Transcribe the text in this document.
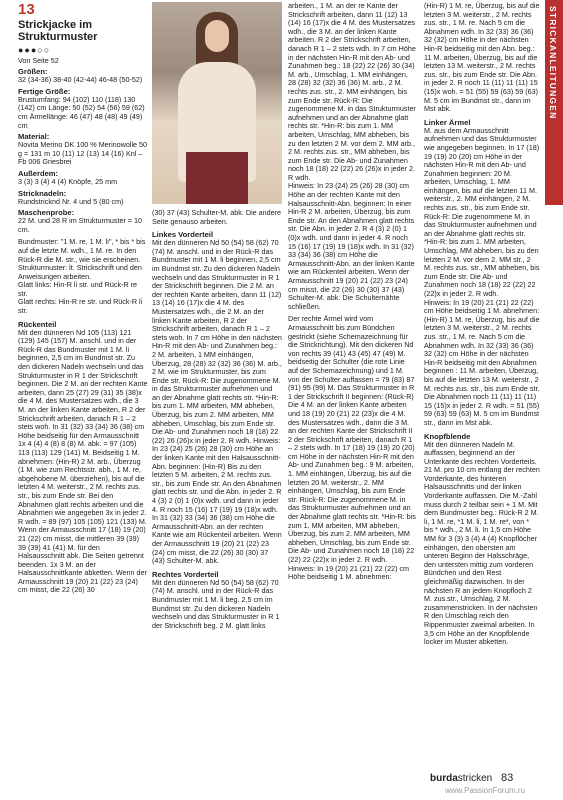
STRICKANLEITUNGEN
13
Strickjacke im Strukturmuster
●●●○○

Von Seite 52

Größen:

32 (34-36) 38-40 (42-44) 46-48 (50-52)

Fertige Größe:

Brustumfang: 94 (102) 110 (118) 130 (142) cm Länge: 50 (52) 54 (56) 59 (62) cm Ärmellänge: 46 (47) 48 (48) 49 (49) cm

Material:

Novita Merino DK 100 % Merinowolle 50 g = 131 m 10 (11) 12 (13) 14 (16) Knl – Fb 006 Griesbrei

Außerdem:

3 (3) 3 (4) 4 (4) Knöpfe, 25 mm

Stricknadeln:

Rundstricknd Nr. 4 und 5 (80 cm)

Maschenprobe:

22 M. und 28 R im Strukturmuster = 10 cm.

Bundmuster: "1 M. re, 1 M. li", * bis * bis auf die letzte M. wdh., 1 M. re. In den Rück-R die M. str., wie sie erscheinen.

Strukturmuster: lt. Strickschrift und den Anweisungen arbeiten.

Glatt links: Hin-R li str. und Rück-R re str.

Glatt rechts: Hin-R re str. und Rück-R li str.

Rückenteil

Mit den dünneren Nd 105 (113) 121 (129) 145 (157) M. anschl. und in der Rück-R das Bundmuster mit 1 M. li beginnen, 2,5 cm im Bundmst str. Zu den dickeren Nadeln wechseln und das Strukturmuster in R 1 der Strickschrift beginnen. Die 2 M. an der rechten Kante arbeiten, dann 25 (27) 29 (31) 35 (38)x die 4 M. des Mustersatzes wdh., die 3 M. an der linken Kante arbeiten, R 2 der Strickschrift arbeiten, danach R 1 – 2 stets woh. In 31 (32) 33 (34) 36 (38) cm Höhe beidseitig für den Armausschnitt 1x 4 (4) 4 (8) 8 (8) M. abk. = 97 (105) 113 (113) 129 (141) M. Beidseitig 1 M. abnehmen: (Hin-R) 2 M. arb., Überzug (1 M. wie zum Rechtsstr. abh., 1 M. re, abgehobene M. überziehen), bis auf die letzten 4 M. weiterstr., 2 M. rechts zus. str., bis zum Ende str. Bei den Abnahmen glatt rechts arbeiten und die Abnahmen wie angegeben 3x in jeder 2. R wdh. = 89 (97) 105 (105) 121 (133) M. Wenn der Armausschnitt 17 (18) 19 (20) 21 (22) cm misst, die mittleren 39 (39) 39 (39) 41 (41) M. für den Halsausschnitt abk. Die Seiten getrennt beenden. 1x 3 M. an der Halsausschnittkante abketten. Wenn der Armausschnitt 19 (20) 21 (22) 23 (24) cm misst, die 22 (26) 30

(30) 37 (43) Schulter-M. abk. Die andere Seite genauso arbeiten.

Linkes Vorderteil

Mit den dünneren Nd 50 (54) 58 (62) 70 (74) M. anschl. und in der Rück-R das Bundmuster mit 1 M. li beginnen, 2,5 cm im Bundmst str. Zu den dickeren Nadeln wechseln und das Strukturmuster in R 1 der Strickschrift beginnen. Die 2 M. an der rechten Kante arbeiten, dann 11 (12) 13 (14) 16 (17)x die 4 M. des Mustersatzes wdh., die 2 M. an der linken Kante arbeiten, R 2 der Strickschrift arbeiten, danach R 1 – 2 stets woh. In 7 cm Höhe in den nächsten Hin-R mit den Ab- und Zunahmen beg.: 2 M. arbeiten, 1 MM einhängen, Überzug, 28 (28) 32 (32) 36 (36) M. arb., 2 M. wie im Strukturmuster, bis zum Ende str. Rück-R: Die zugenommene M. in das Strukturmuster aufnehmen und an der Abnahme glatt rechts str. *Hin-R: bis zum 1. MM arbeiten, MM abheben, Überzug, bis zum 2. MM arbeiten, MM abheben, Umschlag, bis zum Ende str. Die Ab- und Zunahmen noch 18 (18) 22 (22) 26 (26)x in jeder 2. R wdh. Hinweis: In 23 (24) 25 (26) 28 (30) cm Höhe an der linken Kante mit den Halsausschnitt-Abn. beginnen: (Hin-R) Bis zu den letzten 5 M. arbeiten, 2 M. rechts zus. str., bis zum Ende str. An den Abnahmen glatt rechts str. und die Abn. in jeder 2. R 4 (3) 2 (0) 1 (0)x wdh. und dann in jeder 4. R noch 15 (16) 17 (19) 19 (18)x wdh. In 31 (32) 33 (34) 36 (38) cm Höhe die Armausschnitt-Abn. an der rechten Kante wie am Rückenteil arbeiten. Wenn der Armausschnitt 19 (20) 21 (22) 23 (24) cm misst, die 22 (26) 30 (30) 37 (43) Schulter-M. abk.

Rechtes Vorderteil

Mit den dünneren Nd 50 (54) 58 (62) 70 (74) M. anschl. und in der Rück-R das Bundmuster mit 1 M. li beg. 2,5 cm im Bundmst str. Zu den dickeren Nadeln wechseln und das Strukturmuster in R 1 der Strickschrift beg. 2 M. glatt links

arbeiten., 1 M. an der re Kante der Strickschrift arbeiten, dann 11 (12) 13 (14) 16 (17)x die 4 M. des Mustersatzes wdh., die 3 M. an der linken Kante arbeiten. R 2 der Strickschrift arbeiten, danach R 1 – 2 stets wdh. In 7 cm Höhe in der nächsten Hin-R mit den Ab- und Zunahmen beg.: 18 (22) 22 (26) 30 (34) M. arb., Umschlag, 1. MM einhängen, 28 (28) 32 (32) 36 (36) M. arb., 2 M. rechts zus. str., 2. MM einhängen, bis zum Ende str. Rück-R: Die zugenommene M. in das Strukturmuster aufnehmen und an der Abnahme glatt rechts str. *Hin-R: bis zum 1. MM arbeiten, Umschlag, MM abheben, bis zu den letzten 2 M. vor dem 2. MM arb., 2 M. rechts zus. str., MM abheben, bis zum Ende str. Die Ab- und Zunahmen noch 18 (18) 22 (22) 26 (26)x in jeder 2. R wdh.

Hinweis: In 23 (24) 25 (26) 28 (30) cm Höhe an der rechten Kante mit den Halsausschnitt-Abn. beginnen: In einer Hin-R 2 M. arbeiten, Überzug, bis zum Ende str. An den Abnahmen glatt rechts str. Die Abn. in jeder 2. R 4 (3) 2 (0) 1 (0)x wdh. und dann in jeder 4. R noch 15 (16) 17 (19) 19 (18)x wdh. In 31 (32) 33 (34) 36 (38) cm Höhe die Armausschnitt-Abn. an der linken Kante wie am Rückenteil arbeiten. Wenn der Armausschnitt 19 (20) 21 (22) 23 (24) cm misst, die 22 (26) 30 (30) 37 (43) Schulter-M. abk. Die Schulternähte schließen.

Der rechte Ärmel wird vom Armausschnitt bis zum Bündchen gestrickt (siehe Schemazeichnung für die Strickrichtung). Mit den dickeren Nd von rechts 39 (41) 43 (45) 47 (49) M. beidseitig der Schulter (die rote Linie auf der Schemazeichnung) und 1 M. von der Schulter auffassen = 79 (83) 87 (91) 95 (99) M. Das Strukturmuster in R 1 der Strickschrift II beginnen: (Rück-R) Die 4 M. an der linken Kante arbeiten und 18 (19) 20 (21) 22 (23)x die 4 M. des Mustersatzes wdh., dann die 3 M. an der rechten Kante der Strickschrift II 2 der Strickschrift arbeiten, danach R 1 – 2 stets wdh. In 17 (18) 19 (19) 20 (20) cm Höhe in der nächsten Hin-R mit den Ab- und Zunahmen beg.: 9 M. arbeiten, 1. MM einhängen, Überzug, bis auf die letzten 20 M. weiterstr., 2. MM einhängen, Umschlag, bis zum Ende str. Rück-R: Die zugenommene M. in das Strukturmuster aufnehmen und an der Abnahme glatt rechts str. *Hin-R: bis zum 1. MM arbeiten, MM abheben, Überzug, bis zum 2. MM arbeiten, MM abheben, Umschlag, bis zum Ende str. Die Ab- und Zunahmen noch 18 (18) 22 (22) 22 (22)x in jeder 2. R wdh. Hinweis: In 19 (20) 21 (21) 22 (22) cm Höhe beidseitig 1 M. abnehmen:

(Hin-R) 1 M. re, Überzug, bis auf die letzten 3 M. weiterstr., 2 M. rechts zus. str., 1 M. re. Nach 5 cm die Abnahmen wdh. In 32 (33) 36 (36) 32 (32) cm Höhe in der nächsten Hin-R beidseitig mit den Abn. beg.: 11 M. arbeiten, Überzug, bis auf die letzten 13 M. weiterstr., 2 M. rechts zus. str., bis zum Ende str. Die Abn. in jeder 2. R noch 11 (11) 11 (11) 15 (15)x woh. = 51 (55) 59 (63) 59 (63) M. 5 cm im Bundmst str., dann im Mst abk.

Linker Ärmel

M. aus dem Armausschnitt aufnehmen und das Strukturmuster wie angegeben beginnen. In 17 (18) 19 (19) 20 (20) cm Höhe in der nächsten Hin-R mit den Ab- und Zunahmen beginnen: 20 M. arbeiten, Umschlag, 1. MM einhängen, bis auf die letzten 11 M. weiterstr., 2. MM einhängen, 2 M. rechts zus. str., bis zum Ende str. Rück-R: Die zugenommene M. in das Strukturmuster aufnehmen und an der Abnahme glatt rechts str. *Hin-R: bis zum 1. MM arbeiten, Umschlag, MM abheben, bis zu den letzten 2 M. vor dem 2. MM str., 2 M. rechts zus. str., MM abheben, bis zum Ende str. Die Ab- und Zunahmen noch 18 (18) 22 (22) 22 (22)x in jeder 2. R wdh.

Hinweis: In 19 (20) 21 (21) 22 (22) cm Höhe beidseitig 1 M. abnehmen: (Hin-R) 1 M. re, Überzug, bis auf die letzten 3 M. weiterstr., 2 M. rechts zus. str., 1 M. re. Nach 5 cm die Abnahmen wdh. In 32 (33) 36 (36) 32 (32) cm Höhe in der nächsten Hin-R beidseitig mit den Abnahmen beginnen : 11 M. arbeiten, Überzug, bis auf die letzten 13 M. weiterstr., 2 M. rechts zus. str., bis zum Ende str. Die Abnahmen noch 11 (11) 11 (11) 15 (15)x in jeder 2. R wdh. = 51 (55) 59 (63) 59 (63) M. 5 cm im Bundmst str., dann im Mst abk.

Knopfblende

Mit den dünneren Nadeln M. auffassen, beginnend an der Unterkante des rechten Vorderteils. 21 M. pro 10 cm entlang der rechten Vorderkante, des hinteren Halsausschnitts und der linken Vorderkante auffassen. Die M.-Zahl muss durch 2 teilbar sein + 1 M. Mit dem Bundmuster beg.: Rück-R 2 M. li, 1 M. re, *1 M. li, 1 M. re*, von * bis * wdh., 2 M. li. In 1,5 cm Höhe MM für 3 (3) 3 (4) 4 (4) Knopflöcher einhängen, den obersten am unteren Beginn der Halsschräge, den untersten mittig zum vorderen Bündchen und den Rest gleichmäßig dazwischen. In der nächsten R an jedem Knopfloch 2 M. zus.str., Umschlag, 2 M. zusammenstricken. In der nächsten R den Umschlag reich den Rippenmuster zweimal arbeiten. In 3,5 cm Höhe an der Knopfblende locker im Muster abketten.

burdastricken 83
www.PassionForum.ru
